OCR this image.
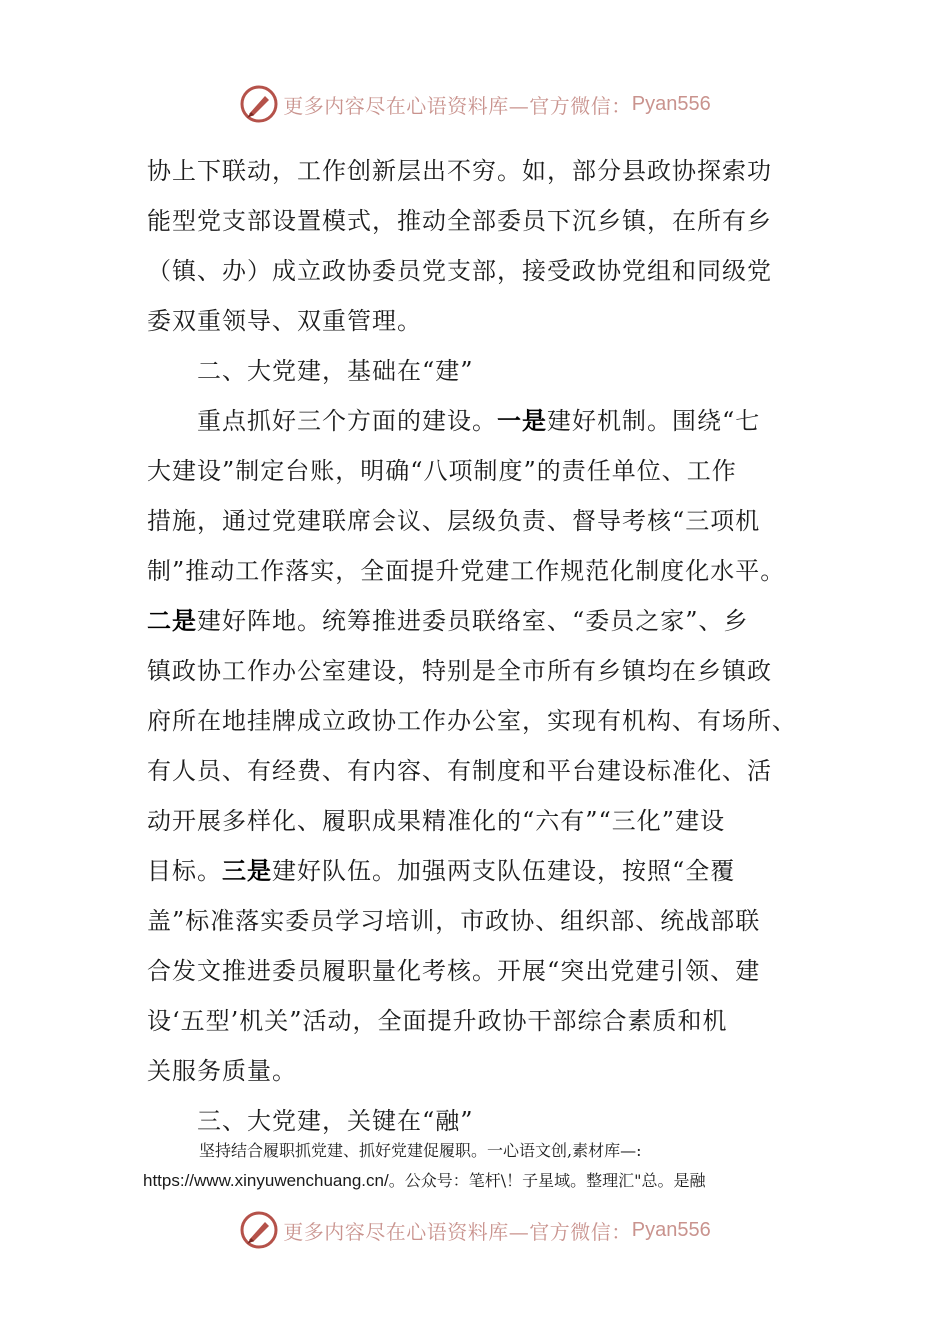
更多内容尽在心语资料库—官方微信： Pyan556
协上下联动，工作创新层出不穷。如，部分县政协探索功
能型党支部设置模式，推动全部委员下沉乡镇，在所有乡
（镇、办）成立政协委员党支部，接受政协党组和同级党
委双重领导、双重管理。
二、大党建，基础在“建”
重点抓好三个方面的建设。一是建好机制。围绕“七
大建设”制定台账，明确“八项制度”的责任单位、工作
措施，通过党建联席会议、层级负责、督导考核“三项机
制”推动工作落实，全面提升党建工作规范化制度化水平。
二是建好阵地。统筹推进委员联络室、“委员之家”、乡
镇政协工作办公室建设，特别是全市所有乡镇均在乡镇政
府所在地挂牌成立政协工作办公室，实现有机构、有场所、
有人员、有经费、有内容、有制度和平台建设标准化、活
动开展多样化、履职成果精准化的“六有”“三化”建设
目标。三是建好队伍。加强两支队伍建设，按照“全覆
盖”标准落实委员学习培训，市政协、组织部、统战部联
合发文推进委员履职量化考核。开展“突出党建引领、建
设‘五型’机关”活动，全面提升政协干部综合素质和机
关服务质量。
三、大党建，关键在“融”
坚持结合履职抓党建、抓好党建促履职。一心语文创,素材库—:
https://www.xinyuwenchuang.cn/。公众号：笔杆\！子星域。整理汇"总。是融
更多内容尽在心语资料库—官方微信： Pyan556
